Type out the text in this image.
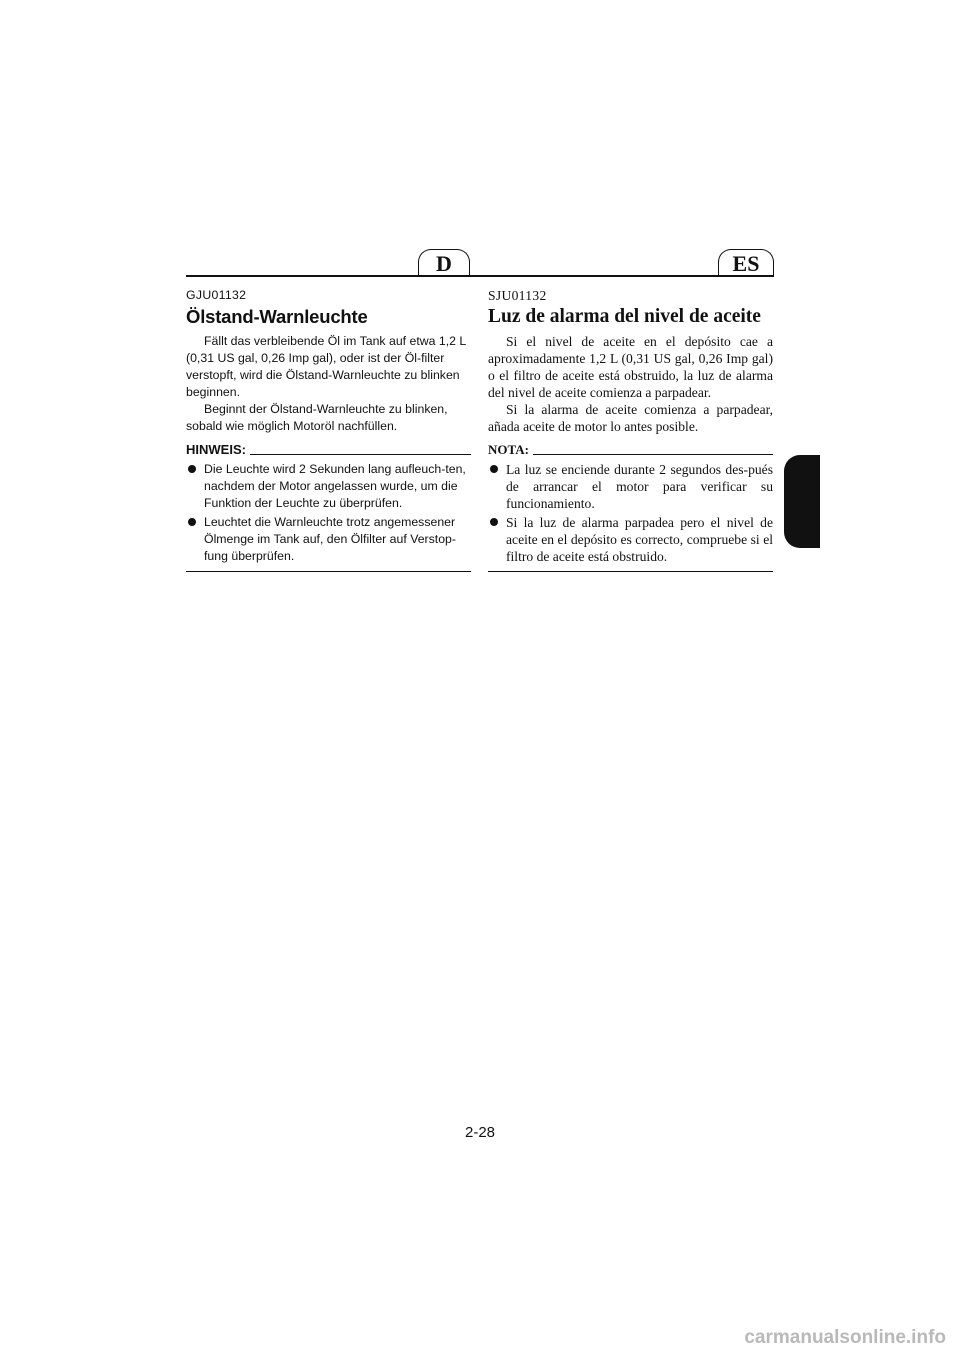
D	ES

GJU01132

Ölstand-Warnleuchte

Fällt das verbleibende Öl im Tank auf etwa 1,2 L (0,31 US gal, 0,26 Imp gal), oder ist der Öl-filter verstopft, wird die Ölstand-Warnleuchte zu blinken beginnen.

Beginnt der Ölstand-Warnleuchte zu blinken, sobald wie möglich Motoröl nachfüllen.

HINWEIS:
Die Leuchte wird 2 Sekunden lang aufleuch-ten, nachdem der Motor angelassen wurde, um die Funktion der Leuchte zu überprüfen.
Leuchtet die Warnleuchte trotz angemessener Ölmenge im Tank auf, den Ölfilter auf Verstop-fung überprüfen.

SJU01132

Luz de alarma del nivel de aceite

Si el nivel de aceite en el depósito cae a aproximadamente 1,2 L (0,31 US gal, 0,26 Imp gal) o el filtro de aceite está obstruido, la luz de alarma del nivel de aceite comienza a parpadear.

Si la alarma de aceite comienza a parpadear, añada aceite de motor lo antes posible.

NOTA:
La luz se enciende durante 2 segundos des-pués de arrancar el motor para verificar su funcionamiento.
Si la luz de alarma parpadea pero el nivel de aceite en el depósito es correcto, compruebe si el filtro de aceite está obstruido.
2-28
carmanualsonline.info
